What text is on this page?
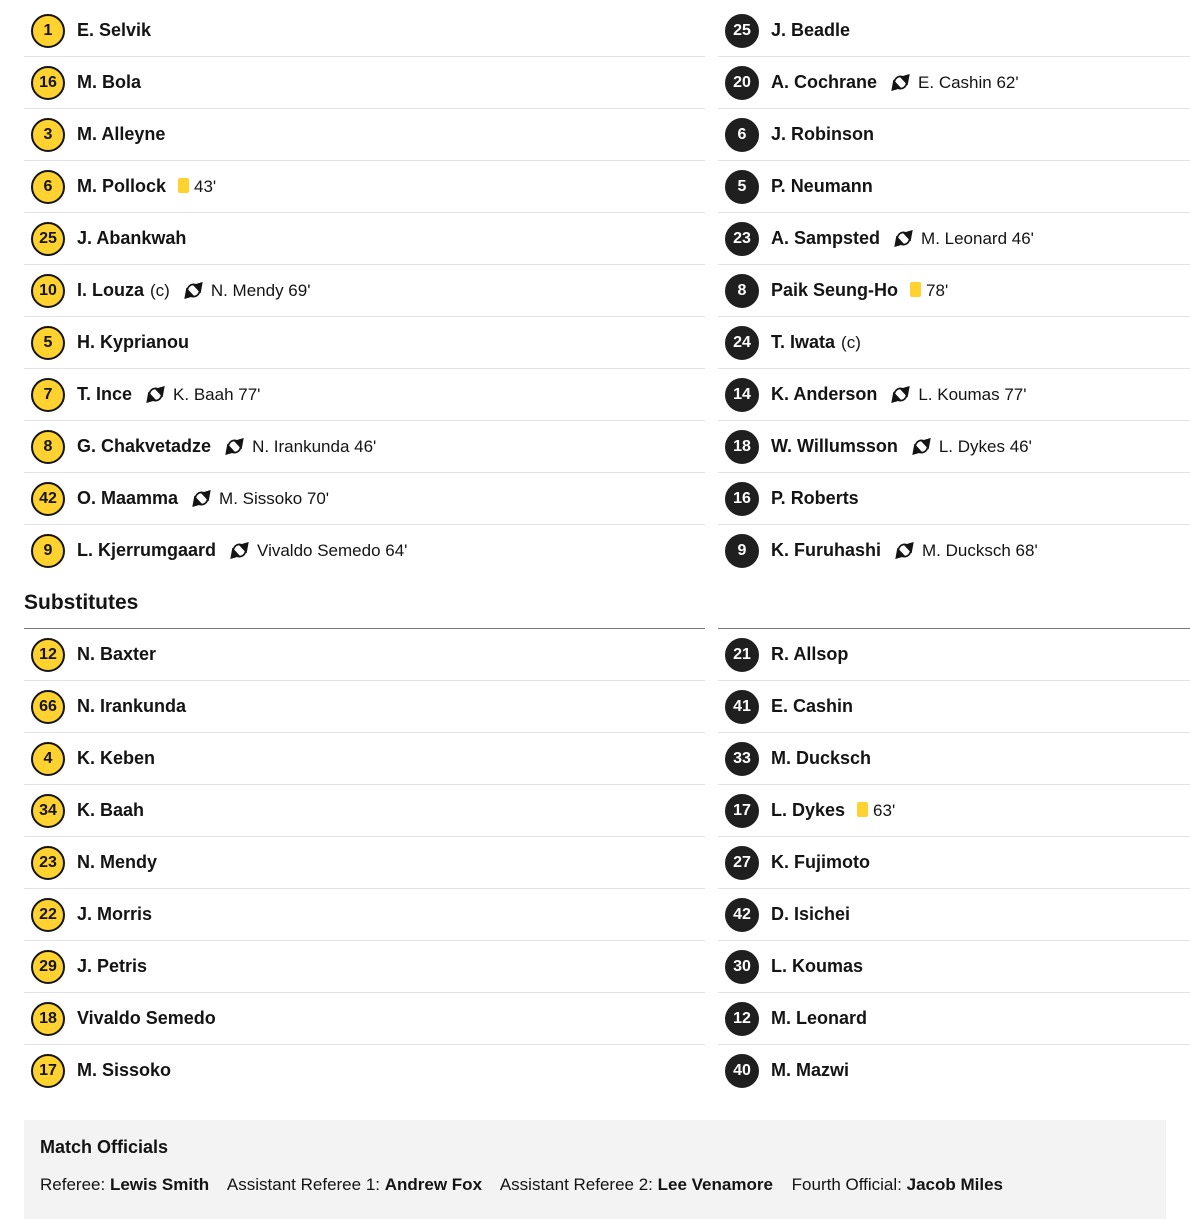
1	E. Selvik
16	M. Bola
3	M. Alleyne
6	M. Pollock 43'
25	J. Abankwah
10	I. Louza (c) N. Mendy 69'
5	H. Kyprianou
7	T. Ince K. Baah 77'
8	G. Chakvetadze N. Irankunda 46'
42	O. Maamma M. Sissoko 70'
9	L. Kjerrumgaard Vivaldo Semedo 64'
25	J. Beadle
20	A. Cochrane E. Cashin 62'
6	J. Robinson
5	P. Neumann
23	A. Sampsted M. Leonard 46'
8	Paik Seung-Ho 78'
24	T. Iwata (c)
14	K. Anderson L. Koumas 77'
18	W. Willumsson L. Dykes 46'
16	P. Roberts
9	K. Furuhashi M. Ducksch 68'
Substitutes

12	N. Baxter
66	N. Irankunda
4	K. Keben
34	K. Baah
23	N. Mendy
22	J. Morris
29	J. Petris
18	Vivaldo Semedo
17	M. Sissoko
21	R. Allsop
41	E. Cashin
33	M. Ducksch
17	L. Dykes 63'
27	K. Fujimoto
42	D. Isichei
30	L. Koumas
12	M. Leonard
40	M. Mazwi
Match Officials
Referee: Lewis Smith Assistant Referee 1: Andrew Fox Assistant Referee 2: Lee Venamore Fourth Official: Jacob Miles
